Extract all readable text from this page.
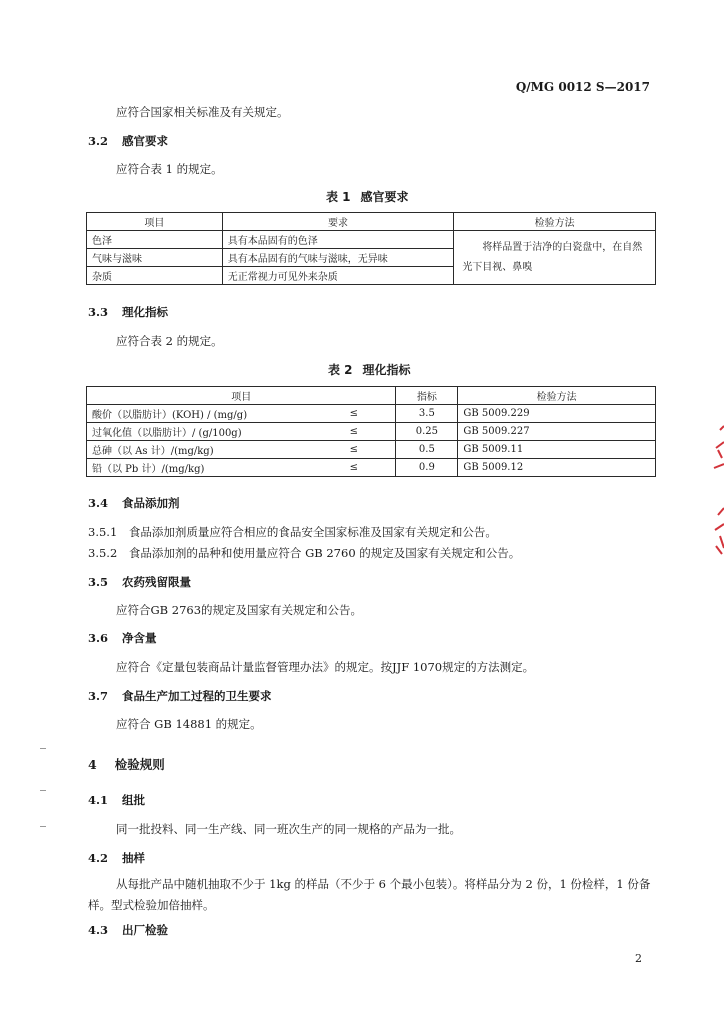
Q/MG 0012 S—2017
应符合国家相关标准及有关规定。
3.2 感官要求
应符合表 1 的规定。
表 1 感官要求
项目	要求	检验方法
色泽	具有本品固有的色泽	将样品置于洁净的白瓷盘中，在自然光下目视、鼻嗅
气味与滋味	具有本品固有的气味与滋味，无异味	
杂质	无正常视力可见外来杂质	
3.3 理化指标
应符合表 2 的规定。
表 2 理化指标
项目		指标	检验方法
酸价（以脂肪计）(KOH) / (mg/g)	≤	3.5	GB 5009.229
过氧化值（以脂肪计）/ (g/100g)	≤	0.25	GB 5009.227
总砷（以 As 计）/(mg/kg)	≤	0.5	GB 5009.11
铅（以 Pb 计）/(mg/kg)	≤	0.9	GB 5009.12
3.4 食品添加剂
3.5.1 食品添加剂质量应符合相应的食品安全国家标准及国家有关规定和公告。
3.5.2 食品添加剂的品种和使用量应符合 GB 2760 的规定及国家有关规定和公告。
3.5 农药残留限量
应符合GB 2763的规定及国家有关规定和公告。
3.6 净含量
应符合《定量包装商品计量监督管理办法》的规定。按JJF 1070规定的方法测定。
3.7 食品生产加工过程的卫生要求
应符合 GB 14881 的规定。
4 检验规则
4.1 组批
同一批投料、同一生产线、同一班次生产的同一规格的产品为一批。
4.2 抽样
从每批产品中随机抽取不少于 1kg 的样品（不少于 6 个最小包装）。将样品分为 2 份，1 份检样，1 份备样。型式检验加倍抽样。
4.3 出厂检验
2
